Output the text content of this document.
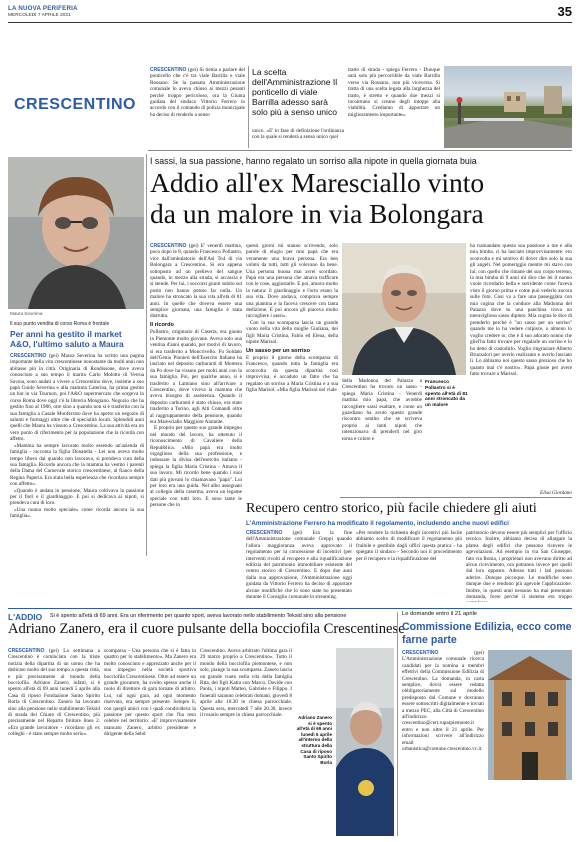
LA NUOVA PERIFERIA
MERCOLEDÌ 7 APRILE 2021	35
CRESCENTINO
CRESCENTINO (gei) Si tiema a parlare del ponticello che c'è tra viale Barrilla e viale Rossano. Se la passata Amministrazione comunale lo aveva chiuso ai mezzi pesanti perché troppo pericoloso, ora la Giunta guidata del sindaco Vittorio Ferrero in accordo con il comando di polizia municipale ha deciso di renderlo a senso
La scelta dell'Amministrazione Il ponticello di viale Barrilla adesso sarà solo più a senso unico
unico. «E' in fase di definizione l'ordinanza con la quale si renderà a senso unico quel
tratto di strada - spiega Ferrero - Dunque sarà solo più percorribile da viale Barrilla verso via Rossano, non più viceversa. Si tratta di una scelta legata alla larghezza del tratto, è stretto e quando due mezzi si incontrano si creano degli intoppi alla viabilità. Crediamo di apportare un miglioramento importante».
Maura Severina
Il suo punto vendita di corso Roma è frontale
Per anni ha gestito il market A&O, l'ultimo saluto a Maura
CRESCENTINO (gei) Maura Severina ha scritto una pagina importante della vita crescentinese nonostante da molti anni non abitasse più in città. Originaria di Rondissone, dove aveva conosciuto a suo tempo il marito Carlo Molotto di Verrua Savoia, sono andati a vivere a Crescentino dove, insieme a suo papà Guido Severina e alla mamma Caterina, ha prima gestito un bar in via Tournon, poi l'A&O supermercato che sorgeva in corso Roma dove oggi c'è la libreria Mongiano. Negozio che ha gestito fino al 1986, otre sino a quando non si è trasferita con la sua famiglia a Casale Monferrato dove ha aperto un negozio di salumi e formaggi oltre che di specialità locali. Splendidi anni quelli che Maura ha vissuto a Crescentino. La sua attività era un vero punto di riferimento per la popolazione che la ricorda con affetto.
«Mamma ha sempre lavorato molto essendo un'azienda di famiglia - racconta la figlia Donatella - Lei non aveva molto tempo libero dal quando non lavorava, si prendeva cura della sua famiglia. Ricordo ancora che la mamma ha vestito i parenti della Dama del Carnevale storico crescentinese, al fianco della Regina Paperia. Era stata bella esperienza che ricordava sempre con affetto».
«Quando è andata in pensione, Maura coltivava la passione per il fiori e il giardinaggio. E poi si dedicava ai nipoti, si prendeva cura di loro.
«Una nonna molto speciale» come ricorda ancora la sua famiglia».
I sassi, la sua passione, hanno regalato un sorriso alla nipote in quella giornata buia
Addio all'ex Maresciallo vinto
da un malore in via Bolongara
CRESCENTINO (gei) E' venerdì mattina, poco dopo le 8, quando Francesco Pollastro, vice dall'ambulatorio dell'Asl To4 di via Bolongara a Crescentino. Si era appena sottoposto ad un prelievo del sangue quando, in mezzo alla strada, si accascia e si stende. Per lui, i soccorsi giunti subito sul posto non hanno potuto far nulla. Un malore ha stroncato la sua vita all'età di 81 anni. In quelle che doveva essere una semplice giornata, una famiglia è stata distrutta.
Il ricordo
Pollastro, originario di Caserta, era giunto in Piemonte molto giovane. Aveva solo una ventina d'anni quando, per motivi di lavoro, si era trasferito a Moncrivello. Fu Soldato dell'Genio Pionieri dell'Esercito Italiano ha lasciato nel deposito carburanti di Montera da Po dove ha vissuto per molti anni con la sua famiglia. Poi, per qualche anno, si è trasferito a Lamiano sino all'arrivare a Crescentino, dove viveva la mamma che aveva bisogno di assistenza. Quando il deposito carburanti è stato chiuso, era stato trasferito a Torino, agli Alti Comandi oltre al raggruppamento della pensione, quando era Maresciallo Maggiore Aiutante.
E proprio per questo suo grande impegno nel mondo del lavoro, ha ottenuto il riconoscimento di Cavaliere della Repubblica. «Mio papà era molto orgoglioso della sua professione, e indossare la divisa dell'esercito italiano - spiega la figlia Maria Cristina - Amava il suo lavoro. Mi ricordo bene quando i suoi dati più giovani lo chiamavano "papà". Lui per loro era una guida. Nel albo assegnato al collegio della caserma, aveva un legame speciale con tutti loro. E sono tante le persone che in
questi giorni mi stanno scrivendo, solo parole di elogio per mio papà che era veramente una brava persona. Era ben voluto da tutti, tutti gli volevano da bene. Una persona buona mai avrei scordato. Papà era una persona che amava trafficare con le cose, aggiustarle. E poi, amava molto la natura: il giardinaggio e l'orto erano la sua vita. Dove andava, comprava sempre una piantina e la faceva crescere con tanta dedizione. E poi ancora gli piaceva molto raccogliere i sassi».
Con la sua scomparsa lascia un grande vuoto nella vita della moglie Giuliana, dei figli Maria Cristina, Fabio ed Elena, della nipote Marisol.
Un sasso per un sorriso
E proprio il giorno della scomparsa di Francesco, quando tutta la famiglia era sconvolta da questa dipartita così improvvisa, è accaduto un fatto che ha regalato un sorriso a Maria Cristina e a sua figlia Marisol. «Mia figlia Marisol nel viale
della Madonna del Palazzo a Crescentino ha trovato un sasso - spiega Maria Cristina - Venerdì mattina mio papà, che avrebbe raccogliere sassi esaltare, e come un guardiano ha avuto questo grande riscontro sentito che se scriveva proprio ai tanti nipoti che intenzionava di prenderli nel giro torna e colore e
Francesco Pollastro si è spento all'età di 81 anni stroncato da un malore
ha tramandato questa sua passione a me e alla mia bimba, ci ha lasciato improvvisamente: ero sconvolta e mi sentivo di dover dire solo la sua gli angeli. Nel pomeriggio mentre mi stavo con lui, con quello che rimane del suo corpo terreno, la mia bimba di 9 anni mi dice che lei il nonno vuole ricordarlo bella e sorridente come l'aveva visto il giorno prima e come può vederlo ancora sulle foto. Così va a fare una passeggiata con mia cugina che la conduce alla Madonna del Palazzo dove su una panchina trova un meraviglioso sasso dipinto. Mia cugina le dice di prenderlo perché è "un sasso per un sorriso" quando me lo ha vedere colpisce, o almeno lo voglio credere io, che è il suo adorato nonno che gliel'ha fatto trovare per regalarle un sorriso e lo ho detto di custodirlo. Voglio ringraziare Alberto Bruzzalori per averlo realizzato e averlo lasciato lì. Lo abbiamo noi questo sasso prezioso che ho quanto mai c'è nostro». Papà giuste per avere fatto trovare a Marisol.
Elisa Giordano
Recupero centro storico, più facile chiedere gli aiuti
L'Amministrazione Ferrero ha modificato il regolamento, includendo anche nuovi edifici
CRESCENTINO (gei) Era la fine dell'Amministrazione comunale Greppi quando l'allora maggioranza aveva approvato il regolamento per la concessione di incentivi (per interventi rivolti al recupero e alla riqualificazione edilizia del patrimonio immobiliare esistente del centro storico di Crescentino. E dopo due anni dalla sua approvazione, l'Amministrazione oggi guidata da Vittorio Ferrero ha deciso di apportare alcune modifiche che lo sono state ho presentato durante il Consiglio comunale in streaming.
«Per rendere la richiesta degli incentivi più facile abbiamo scelto di modificare il regolamento più fruibile e gestibile dagli uffici questa pratica - ha spiegato il sindaco - Secondo noi il procedimento per il recupero e la riqualificazione del
patrimonio devono essere più semplici per l'ufficio tecnico. Inoltre, abbiamo deciso di allargare la platea degli edifici che possono ricevere le agevolazioni. Ad esempio in via San Giuseppe, fato via Roma, i proprietari non avevano diritto ad alcun ricevimento, ora potranno invece per quelli dal loro opposto. Adesso tutti i lati possono aderire. Dunque piccoque. Le modifiche sono dunque due e rendono più agevole l'applicazione. Inoltre, in questi anni nessuno ha mai presentato domanda, forse perché il sistema era troppo
L'ADDIO Si è spento all'età di 69 anni. Era un riferimento per quanto sport, aveva lavorato nello stabilimento Teksid sino alla pensione
Adriano Zanero, era il cuore pulsante della bocciofila Crescentinese
CRESCENTINO (gei) La settimana a Crescentino è cominciata con la triste notizia della dipartita di un uomo che ha dedicato molto del suo tempo a questa città, e più precisamente al mondo della bocciofila. Adriano Zanero, infatti, si è spento all'età di 69 anni lunedì 5 aprile alla Casa di riposo Fondazione Santo Spirito Borla di Crescentino. Zanero ha lavorato sino alla pensione nello stabilimento Teksid di strada del Chiaro di Crescentino, più precisamente nel Reparto finiture linea 2. «Era grande lavoratore - ricordano gli ex colleghi - è stato sempre molto serio».
scomparsa - Una persona che si è fatta in quattro per lo stabilimento». Ma Zanero era molto conosciuto e apprezzato anche per il suo impegno nella società sportiva bocciofila Crescentinese. Oltre ad essere un grande giocatore, ha svolto spesso anche il ruolo di direttore di gara tornate di arbitro. Lui, sul ogni gara, ad ogni momento riservato, era sempre presente. Sempre lì, con quegli amici con i quali condivideva la passione per questo sport che l'ha reso celebre nel territorio. «E' improvvisamente mancato Zanero, arbitro presidente e dirigente della Sebd
Crescentino. Aveva arbitrato l'ultima gara il 29 marzo proprio a Crescentino». Tutto il mondo della bocciofila piemontese, e non solo, piange la sua scomparsa. Zanero lascia un grande vuoto nella vita della famiglia Rita, dei figli Katia con Marco, Davide con Paola, i nipoti Matteo, Gabriele e Filippo. I funerali saranno celebrati domani, giovedì 8 aprile alle 10.30 in chiesa parrocchiale. Questa sera, mercoledì 7 alle 20.30, invece il rosario sempre in chiesa parrocchiale.	Adriano Zanero si è spento all'età di 69 anni lunedì 5 aprile all'interno della struttura della Casa di riposo Santo Spirito Borla
Le domande entro il 21 aprile
Commissione Edilizia, ecco come farne parte
CRESCENTINO	(gei) L'Amministrazione comunale ricerca candidati per la nomina a membri effettivi della Commissione Edilizia di Crescentino. La domanda, in carta semplice, dovrà essere redatta obbligatoriamente sul modello predisposto dal Comune e dovranno essere sottoscritti digitalmente e inviati a mezzo PEC, alla Città di Crescentino all'indirizzo crescentino@cert.ruparpiemonte.it entro e non oltre il 21 aprile. Per informazioni scrivere all'indirizzo email urbanistica@comune.crescentino.vc.it.
